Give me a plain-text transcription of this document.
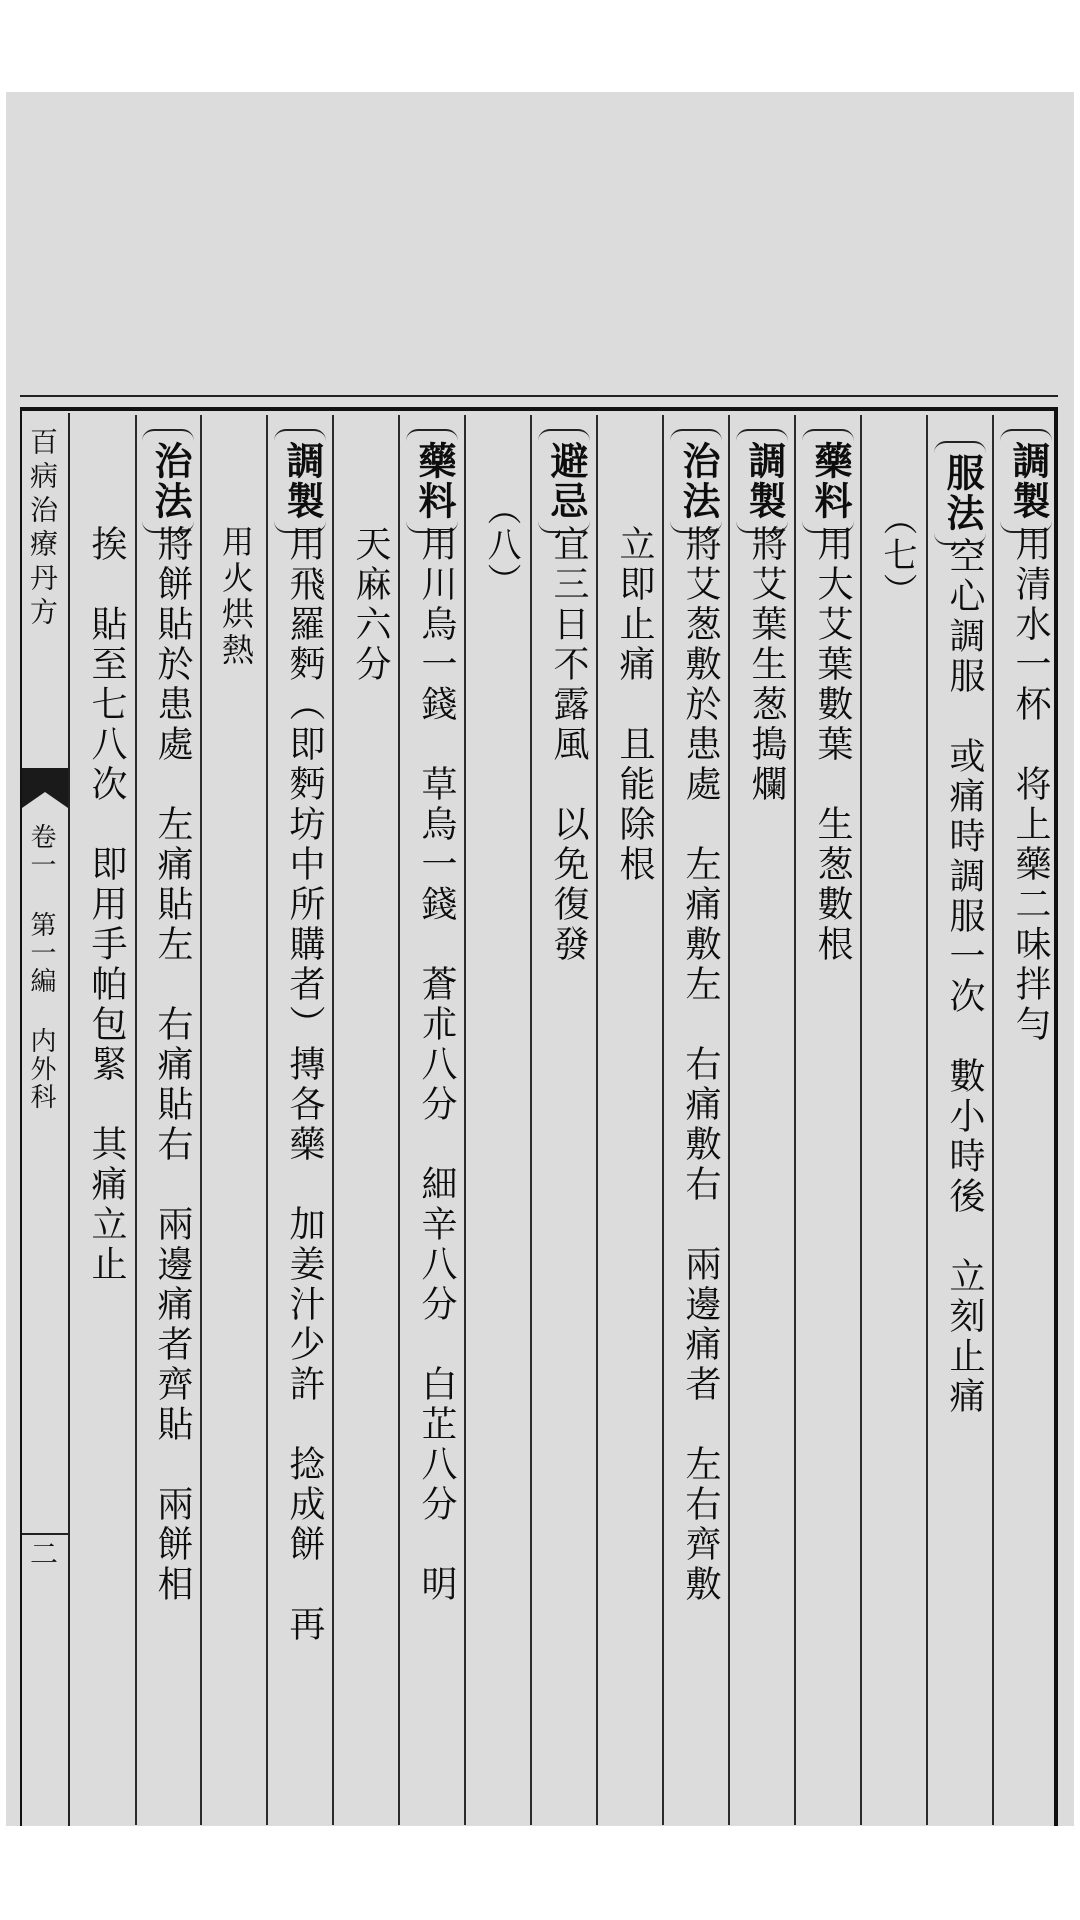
百病治療丹方
卷一 第一編 内外科
二
調製
用清水一杯　将上藥二味拌勻
服法
空心調服　或痛時調服一次　數小時後　立刻止痛
（七）
藥料
用大艾葉數葉　生葱數根
調製
將艾葉生葱搗爛
治法
將艾葱敷於患處　左痛敷左　右痛敷右　兩邊痛者　左右齊敷
立即止痛　且能除根
避忌
宜三日不露風　以免復發
（八）
藥料
用川烏一錢　草烏一錢　蒼朮八分　細辛八分　白芷八分　明
天麻六分
調製
用飛羅麪（即麪坊中所購者）摶各藥　加姜汁少許　捻成餅　再
用火烘熱
治法
將餅貼於患處　左痛貼左　右痛貼右　兩邊痛者齊貼　兩餅相
挨　貼至七八次　即用手帕包緊　其痛立止
